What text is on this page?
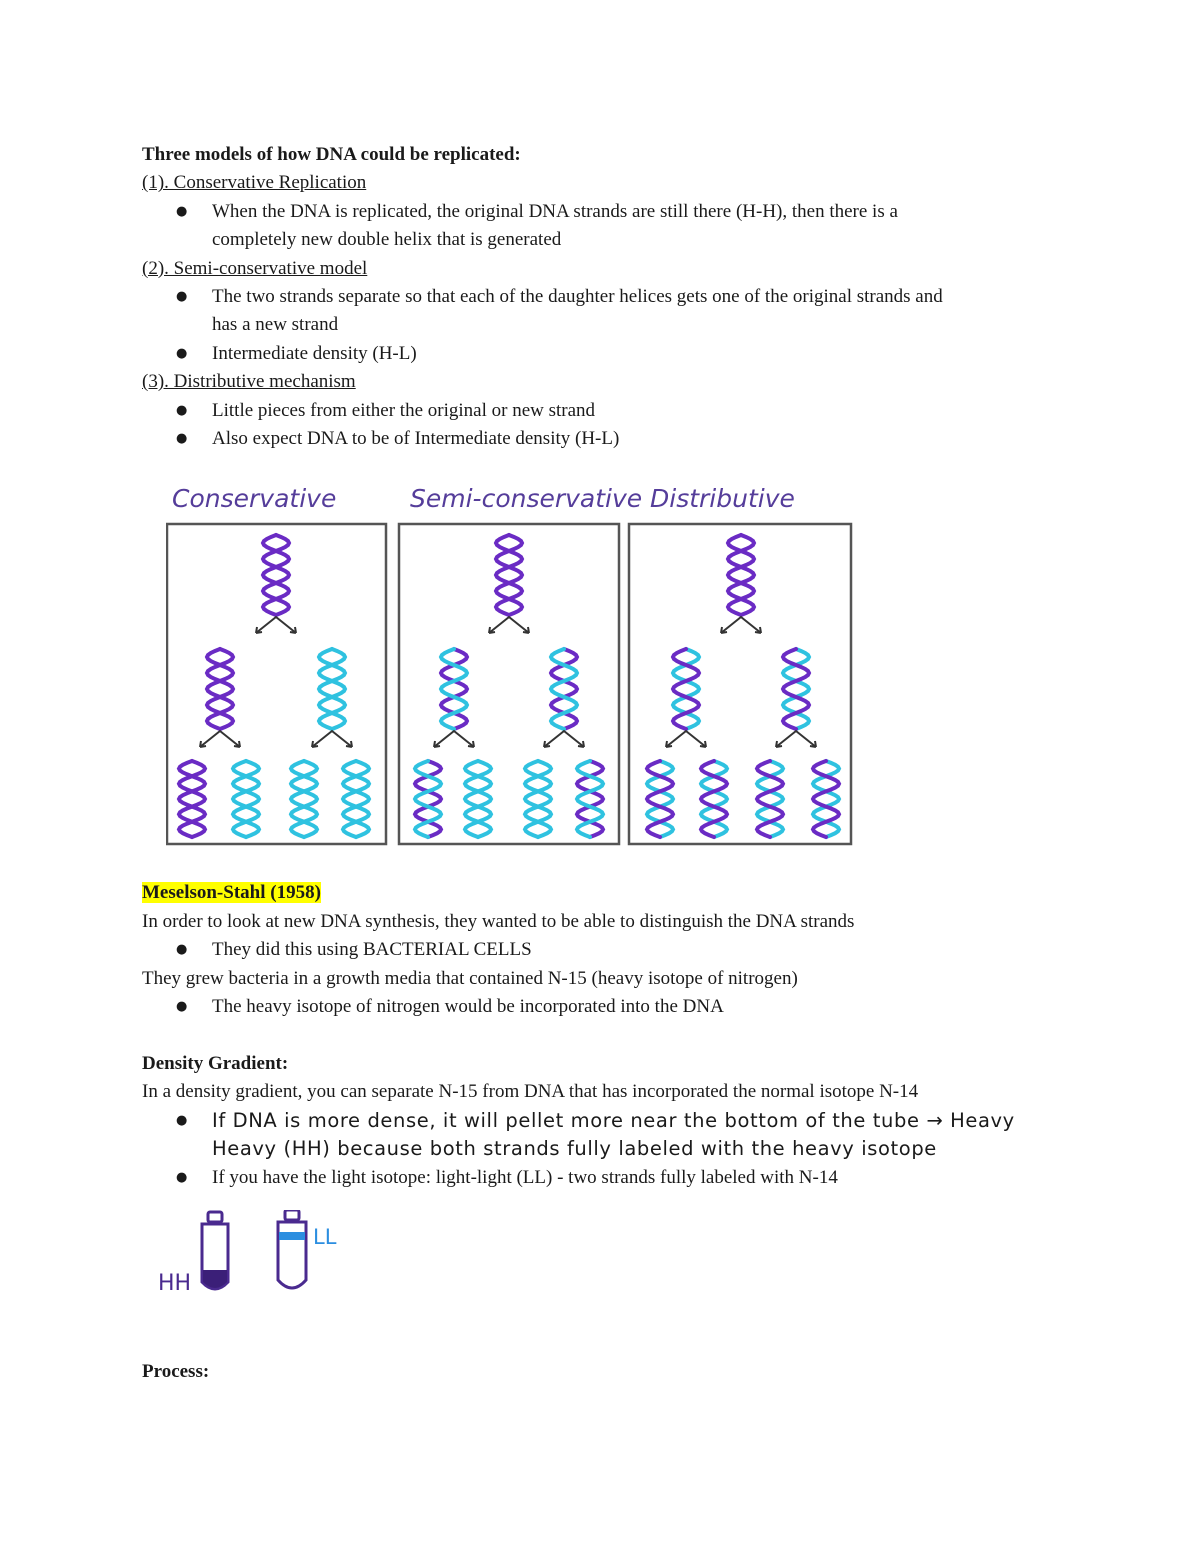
Three models of how DNA could be replicated:

(1). Conservative Replication

● When the DNA is replicated, the original DNA strands are still there (H-H), then there is a
completely new double helix that is generated

(2). Semi-conservative model

● The two strands separate so that each of the daughter helices gets one of the original strands and
has a new strand
● Intermediate density (H-L)

(3). Distributive mechanism

● Little pieces from either the original or new strand
● Also expect DNA to be of Intermediate density (H-L)
Conservative	Semi-conservative Distributive

Meselson-Stahl (1958)

In order to look at new DNA synthesis, they wanted to be able to distinguish the DNA strands

● They did this using BACTERIAL CELLS

They grew bacteria in a growth media that contained N-15 (heavy isotope of nitrogen)

● The heavy isotope of nitrogen would be incorporated into the DNA

Density Gradient:

In a density gradient, you can separate N-15 from DNA that has incorporated the normal isotope N-14

● If DNA is more dense, it will pellet more near the bottom of the tube → Heavy
Heavy (HH) because both strands fully labeled with the heavy isotope
● If you have the light isotope: light-light (LL) - two strands fully labeled with N-14
HH
LL

Process:
